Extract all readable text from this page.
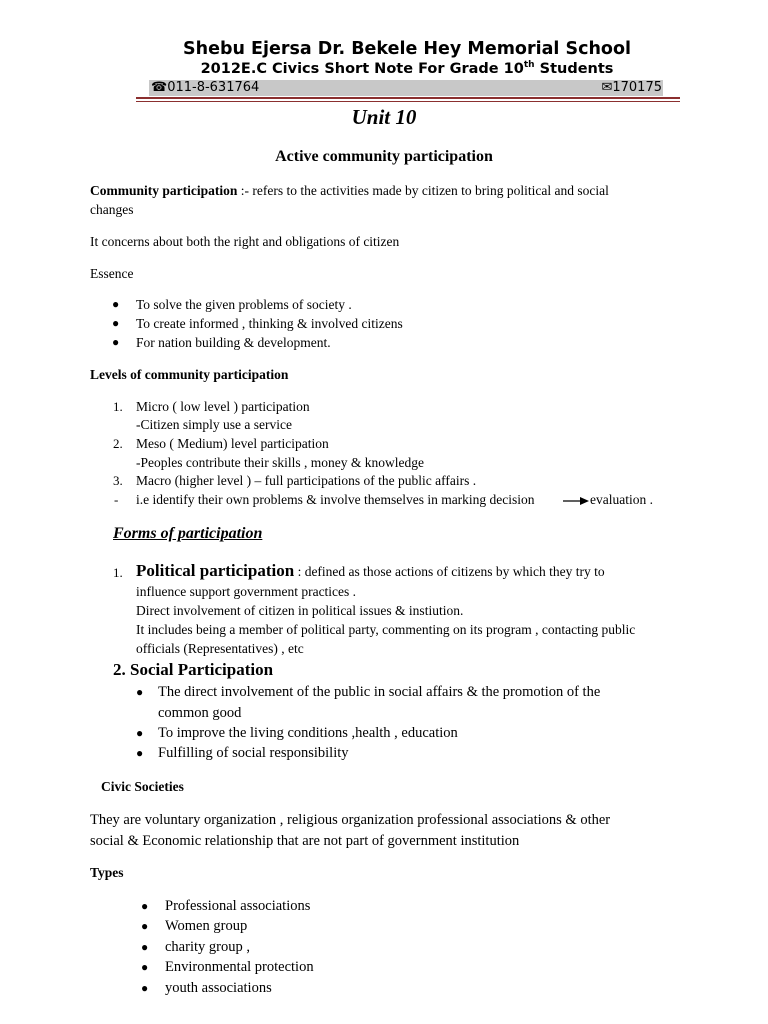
Shebu Ejersa Dr. Bekele Hey Memorial School
2012E.C Civics Short Note For Grade 10th Students
☎011-8-631764	✉170175
Unit 10
Active community participation
Community participation :- refers to the activities made by citizen to bring political and social
changes
It concerns about both the right and obligations of citizen
Essence
● To solve the given problems of society .
● To create informed , thinking & involved citizens
● For nation building & development.
Levels of community participation
1. Micro ( low level ) participation
-Citizen simply use a service
2. Meso ( Medium) level participation
-Peoples contribute their skills , money & knowledge
3. Macro (higher level ) – full participations of the public affairs .
- i.e identify their own problems & involve themselves in marking decision	evaluation .
Forms of participation
1. Political participation : defined as those actions of citizens by which they try to
influence support government practices .
Direct involvement of citizen in political issues & instiution.
It includes being a member of political party, commenting on its program , contacting public
officials (Representatives) , etc
2. Social Participation
● The direct involvement of the public in social affairs & the promotion of the
common good
● To improve the living conditions ,health , education
● Fulfilling of social responsibility
Civic Societies
They are voluntary organization , religious organization professional associations & other
social & Economic relationship that are not part of government institution
Types
● Professional associations
● Women group
● charity group ,
● Environmental protection
● youth associations
